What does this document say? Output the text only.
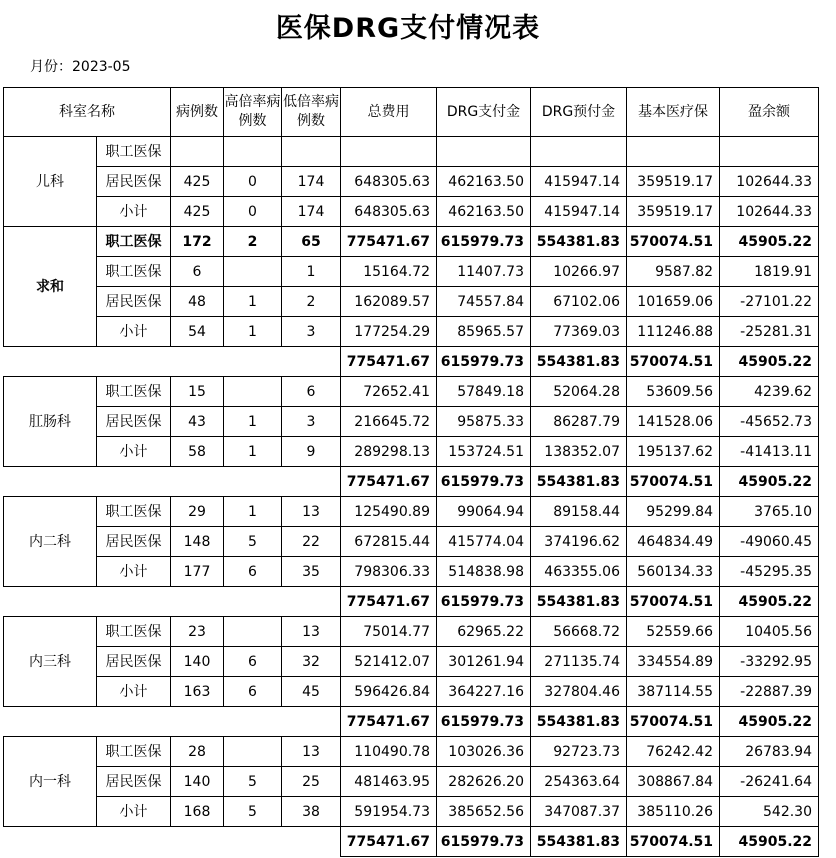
医保DRG支付情况表
月份：2023-05
科室名称		病例数	高倍率病例数	低倍率病例数	总费用	DRG支付金	DRG预付金	基本医疗保	盈余额
儿科	职工医保								
	居民医保	425	0	174	648305.63	462163.50	415947.14	359519.17	102644.33
	小计	425	0	174	648305.63	462163.50	415947.14	359519.17	102644.33
求和	职工医保	172	2	65	775471.67	615979.73	554381.83	570074.51	45905.22
	职工医保	6		1	15164.72	11407.73	10266.97	9587.82	1819.91
	居民医保	48	1	2	162089.57	74557.84	67102.06	101659.06	-27101.22
	小计	54	1	3	177254.29	85965.57	77369.03	111246.88	-25281.31
					775471.67	615979.73	554381.83	570074.51	45905.22
肛肠科	职工医保	15		6	72652.41	57849.18	52064.28	53609.56	4239.62
	居民医保	43	1	3	216645.72	95875.33	86287.79	141528.06	-45652.73
	小计	58	1	9	289298.13	153724.51	138352.07	195137.62	-41413.11
					775471.67	615979.73	554381.83	570074.51	45905.22
内二科	职工医保	29	1	13	125490.89	99064.94	89158.44	95299.84	3765.10
	居民医保	148	5	22	672815.44	415774.04	374196.62	464834.49	-49060.45
	小计	177	6	35	798306.33	514838.98	463355.06	560134.33	-45295.35
					775471.67	615979.73	554381.83	570074.51	45905.22
内三科	职工医保	23		13	75014.77	62965.22	56668.72	52559.66	10405.56
	居民医保	140	6	32	521412.07	301261.94	271135.74	334554.89	-33292.95
	小计	163	6	45	596426.84	364227.16	327804.46	387114.55	-22887.39
					775471.67	615979.73	554381.83	570074.51	45905.22
内一科	职工医保	28		13	110490.78	103026.36	92723.73	76242.42	26783.94
	居民医保	140	5	25	481463.95	282626.20	254363.64	308867.84	-26241.64
	小计	168	5	38	591954.73	385652.56	347087.37	385110.26	542.30
					775471.67	615979.73	554381.83	570074.51	45905.22
